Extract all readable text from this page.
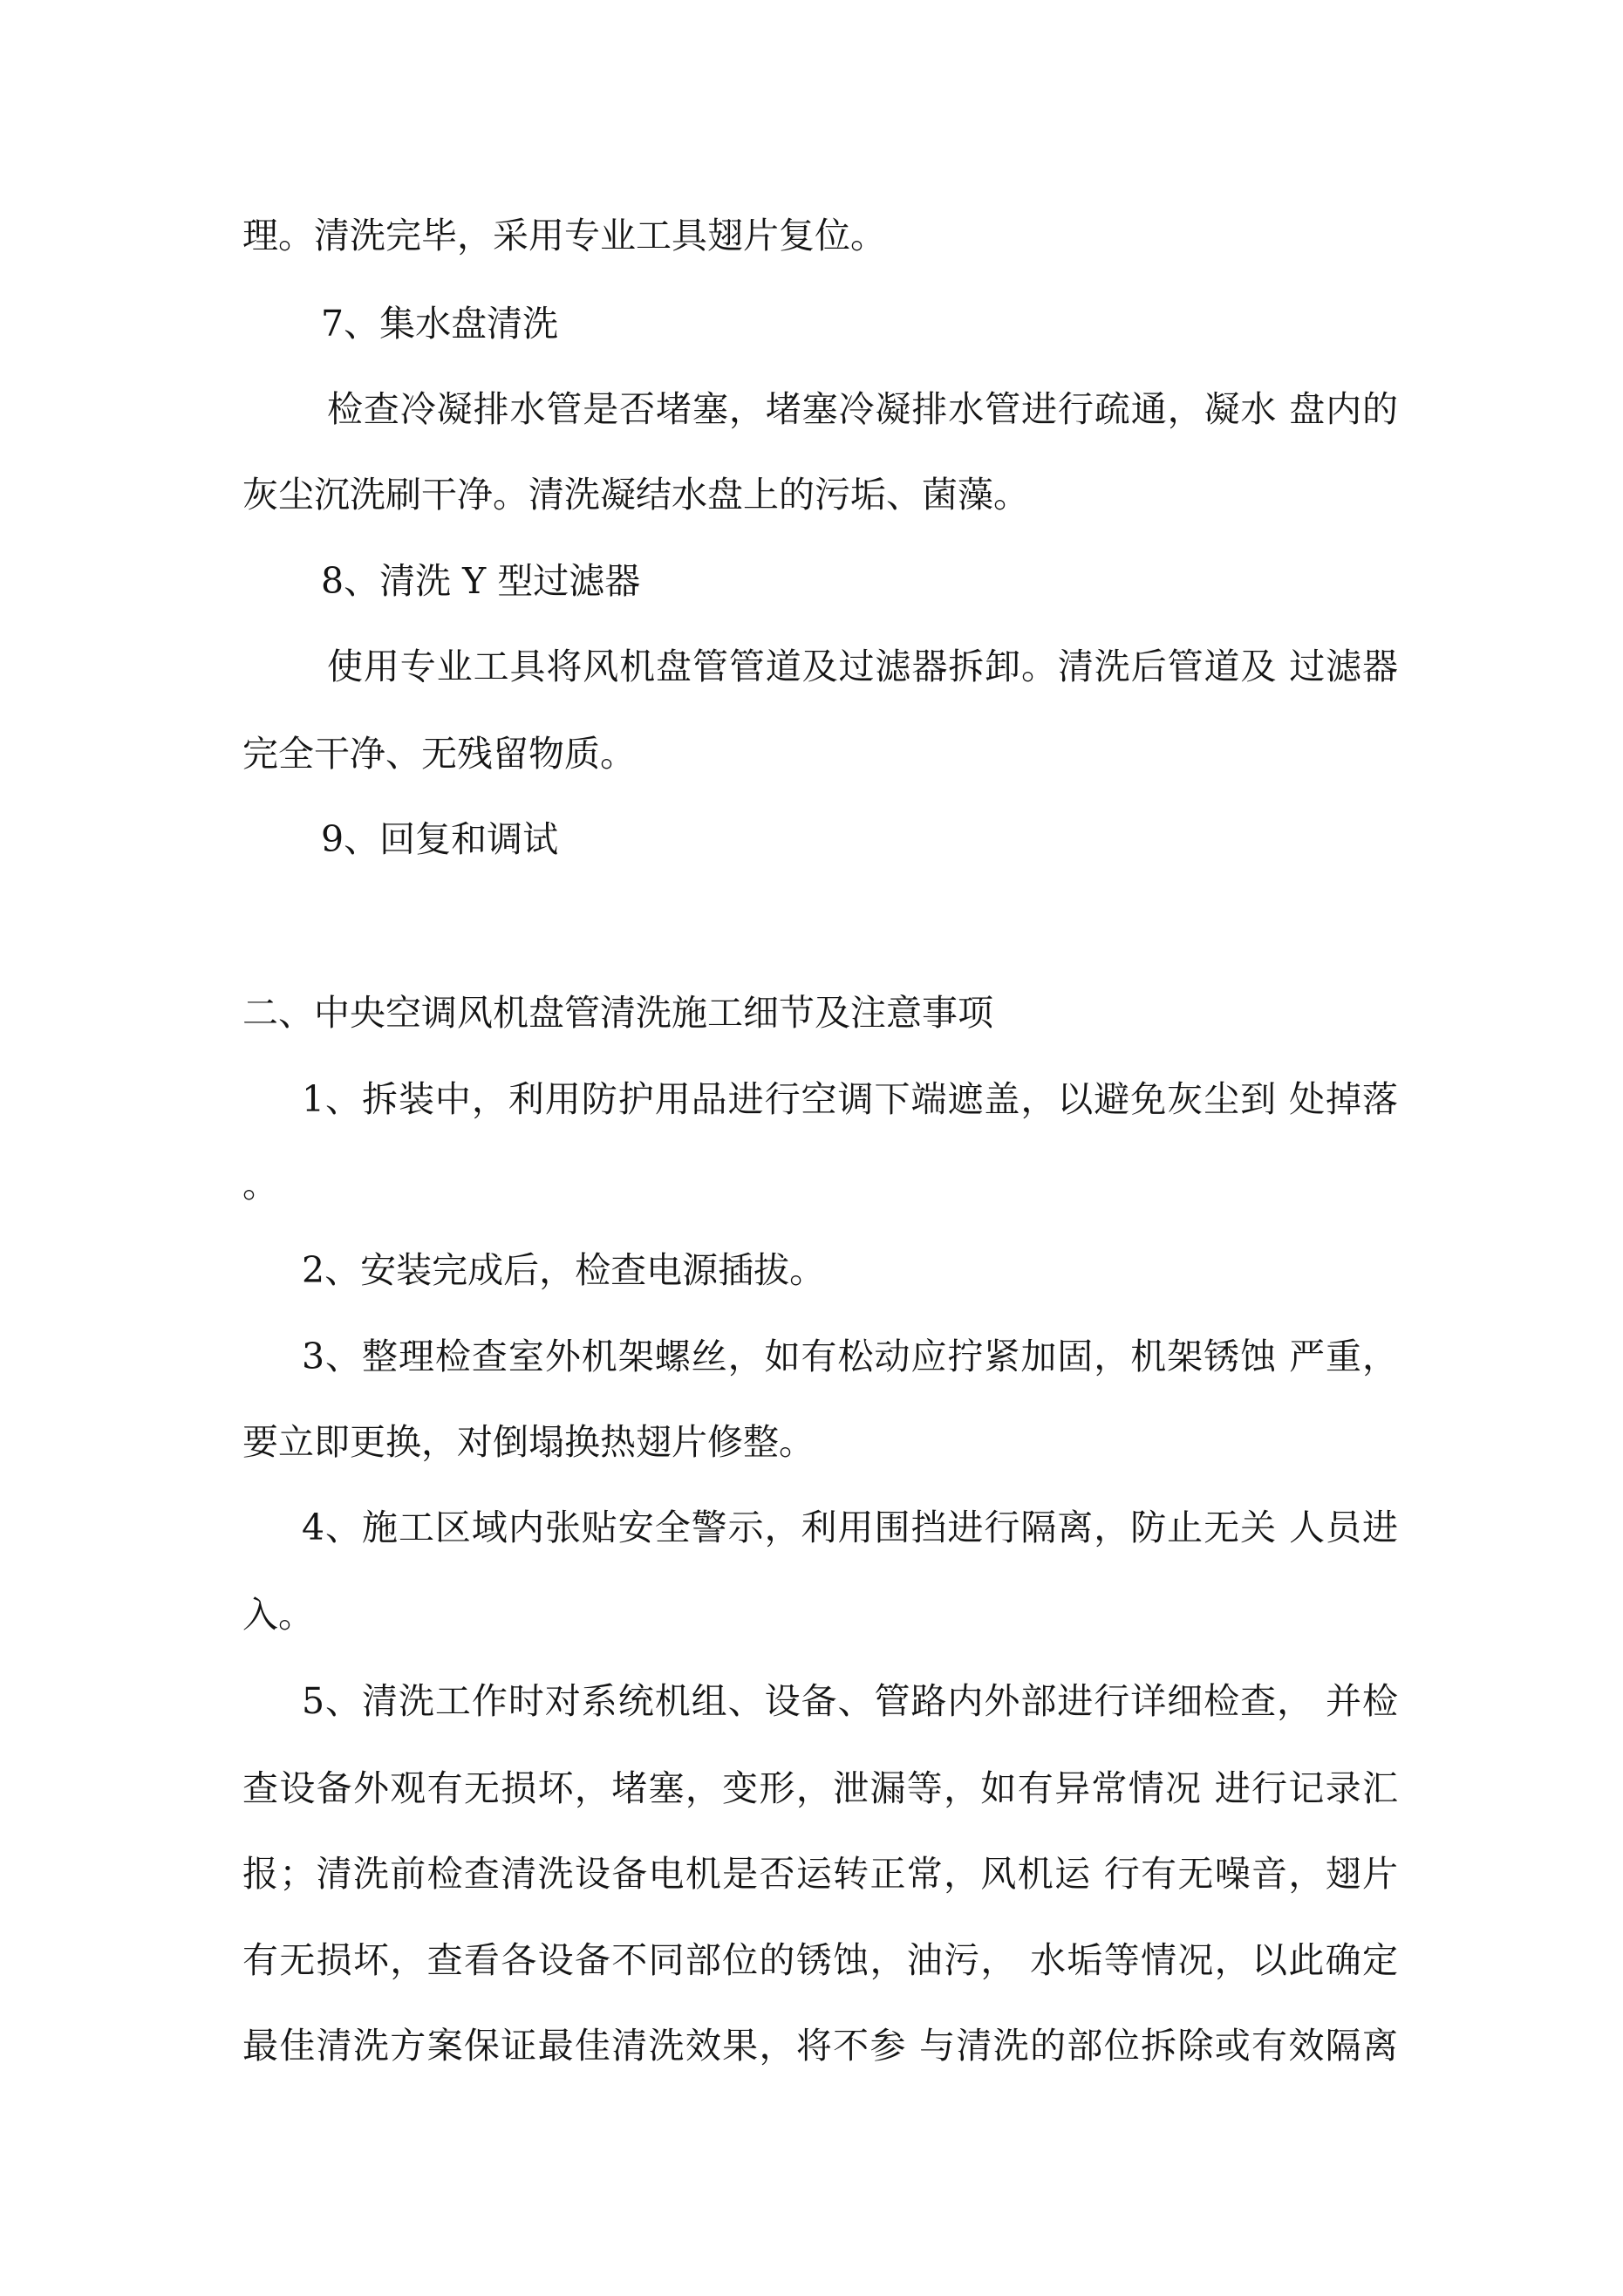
理。清洗完毕，采用专业工具翅片复位。
7、集水盘清洗
检查冷凝排水管是否堵塞，堵塞冷凝排水管进行疏通，凝水 盘内的
灰尘沉洗刷干净。清洗凝结水盘上的污垢、菌藻。
8、清洗 Y 型过滤器
使用专业工具将风机盘管管道及过滤器拆卸。清洗后管道及 过滤器
完全干净、无残留物质。
9、回复和调试
二、中央空调风机盘管清洗施工细节及注意事项
1、拆装中，利用防护用品进行空调下端遮盖，以避免灰尘到 处掉落
。
2、安装完成后，检查电源插拔。
3、整理检查室外机架螺丝，如有松动应拧紧加固，机架锈蚀 严重，
要立即更换，对倒塌换热翅片修整。
4、施工区域内张贴安全警示，利用围挡进行隔离，防止无关 人员进
入。
5、清洗工作时对系统机组、设备、管路内外部进行详细检查， 并检
查设备外观有无损坏，堵塞，变形，泄漏等，如有异常情况 进行记录汇
报；清洗前检查清洗设备电机是否运转正常，风机运 行有无噪音，翅片
有无损坏，查看各设备不同部位的锈蚀，油污， 水垢等情况，以此确定
最佳清洗方案保证最佳清洗效果，将不参 与清洗的部位拆除或有效隔离
